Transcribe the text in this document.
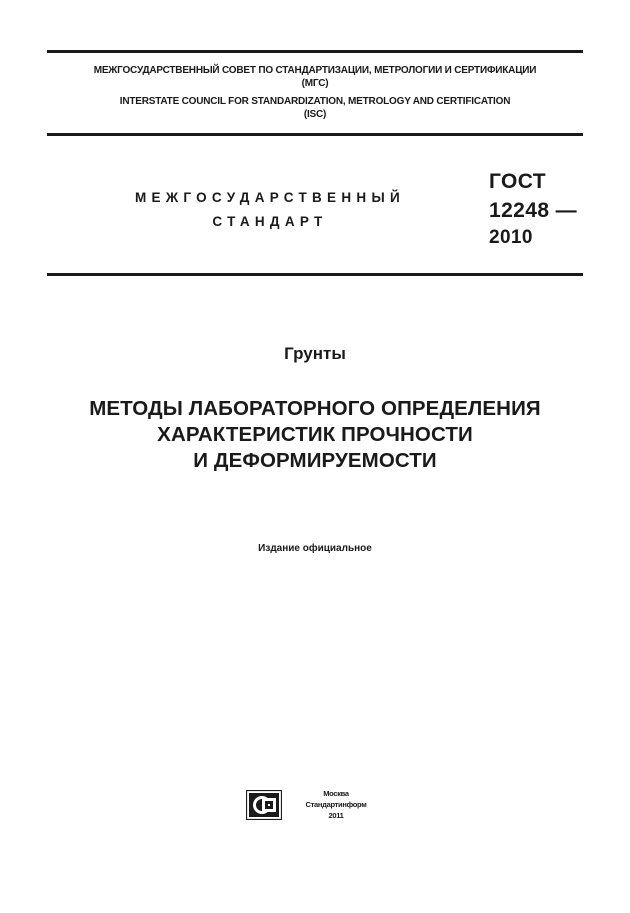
МЕЖГОСУДАРСТВЕННЫЙ СОВЕТ ПО СТАНДАРТИЗАЦИИ, МЕТРОЛОГИИ И СЕРТИФИКАЦИИ
(МГС)
INTERSTATE COUNCIL FOR STANDARDIZATION, METROLOGY AND CERTIFICATION
(ISC)
МЕЖГОСУДАРСТВЕННЫЙ
СТАНДАРТ
ГОСТ
12248 —
2010
Грунты
МЕТОДЫ ЛАБОРАТОРНОГО ОПРЕДЕЛЕНИЯ
ХАРАКТЕРИСТИК ПРОЧНОСТИ
И ДЕФОРМИРУЕМОСТИ
Издание официальное
Москва
Стандартинформ
2011
